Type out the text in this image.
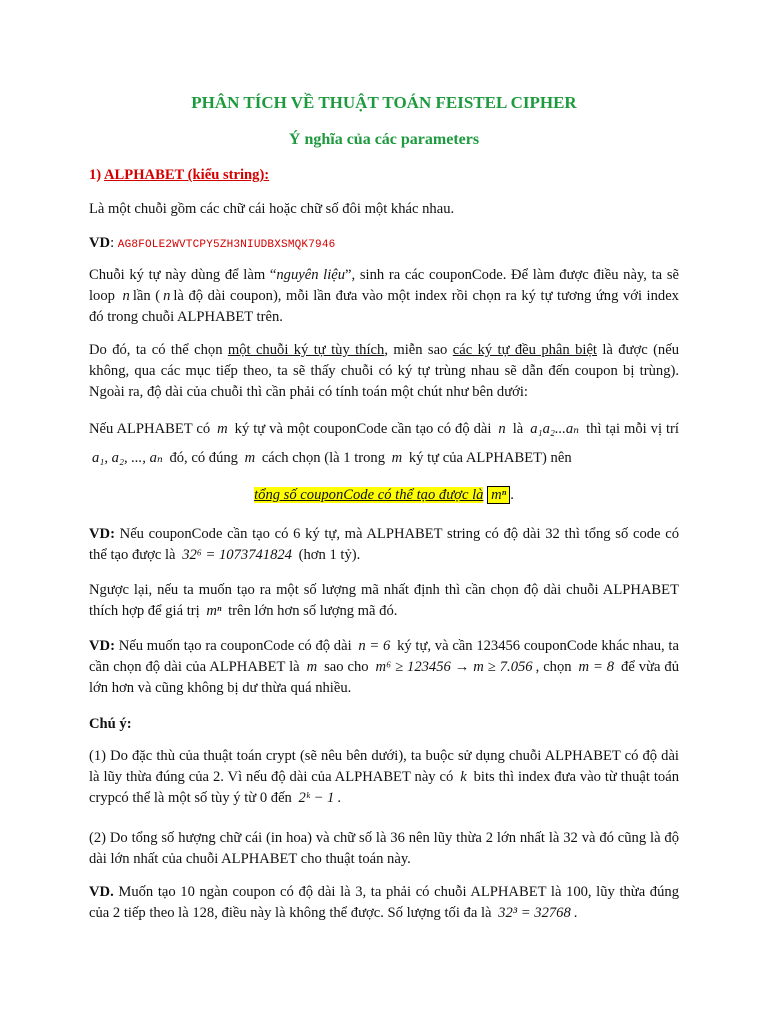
PHÂN TÍCH VỀ THUẬT TOÁN FEISTEL CIPHER
Ý nghĩa của các parameters
1) ALPHABET (kiểu string):
Là một chuỗi gồm các chữ cái hoặc chữ số đôi một khác nhau.
VD: AG8FOLE2WVTCPY5ZH3NIUDBXSMQK7946
Chuỗi ký tự này dùng để làm “nguyên liệu”, sinh ra các couponCode. Để làm được điều này, ta sẽ loop n lần ( n là độ dài coupon), mỗi lần đưa vào một index rồi chọn ra ký tự tương ứng với index đó trong chuỗi ALPHABET trên.
Do đó, ta có thể chọn một chuỗi ký tự tùy thích, miễn sao các ký tự đều phân biệt là được (nếu không, qua các mục tiếp theo, ta sẽ thấy chuỗi có ký tự trùng nhau sẽ dẫn đến coupon bị trùng). Ngoài ra, độ dài của chuỗi thì cần phải có tính toán một chút như bên dưới:
Nếu ALPHABET có m ký tự và một couponCode cần tạo có độ dài n là a₁a₂...aₙ thì tại mỗi vị trí a₁, a₂, ..., aₙ đó, có đúng m cách chọn (là 1 trong m ký tự của ALPHABET) nên
tổng số couponCode có thể tạo được là mⁿ .
VD: Nếu couponCode cần tạo có 6 ký tự, mà ALPHABET string có độ dài 32 thì tổng số code có thể tạo được là 32⁶ = 1073741824 (hơn 1 tỷ).
Ngược lại, nếu ta muốn tạo ra một số lượng mã nhất định thì cần chọn độ dài chuỗi ALPHABET thích hợp để giá trị mⁿ trên lớn hơn số lượng mã đó.
VD: Nếu muốn tạo ra couponCode có độ dài n = 6 ký tự, và cần 123456 couponCode khác nhau, ta cần chọn độ dài của ALPHABET là m sao cho m⁶ ≥ 123456 → m ≥ 7.056 , chọn m = 8 để vừa đủ lớn hơn và cũng không bị dư thừa quá nhiều.
Chú ý:
(1) Do đặc thù của thuật toán crypt (sẽ nêu bên dưới), ta buộc sử dụng chuỗi ALPHABET có độ dài là lũy thừa đúng của 2. Vì nếu độ dài của ALPHABET này có k bits thì index đưa vào từ thuật toán crypcó thể là một số tùy ý từ 0 đến 2ᵏ − 1 .
(2) Do tổng số hượng chữ cái (in hoa) và chữ số là 36 nên lũy thừa 2 lớn nhất là 32 và đó cũng là độ dài lớn nhất của chuỗi ALPHABET cho thuật toán này.
VD. Muốn tạo 10 ngàn coupon có độ dài là 3, ta phải có chuỗi ALPHABET là 100, lũy thừa đúng của 2 tiếp theo là 128, điều này là không thể được. Số lượng tối đa là 32³ = 32768 .
